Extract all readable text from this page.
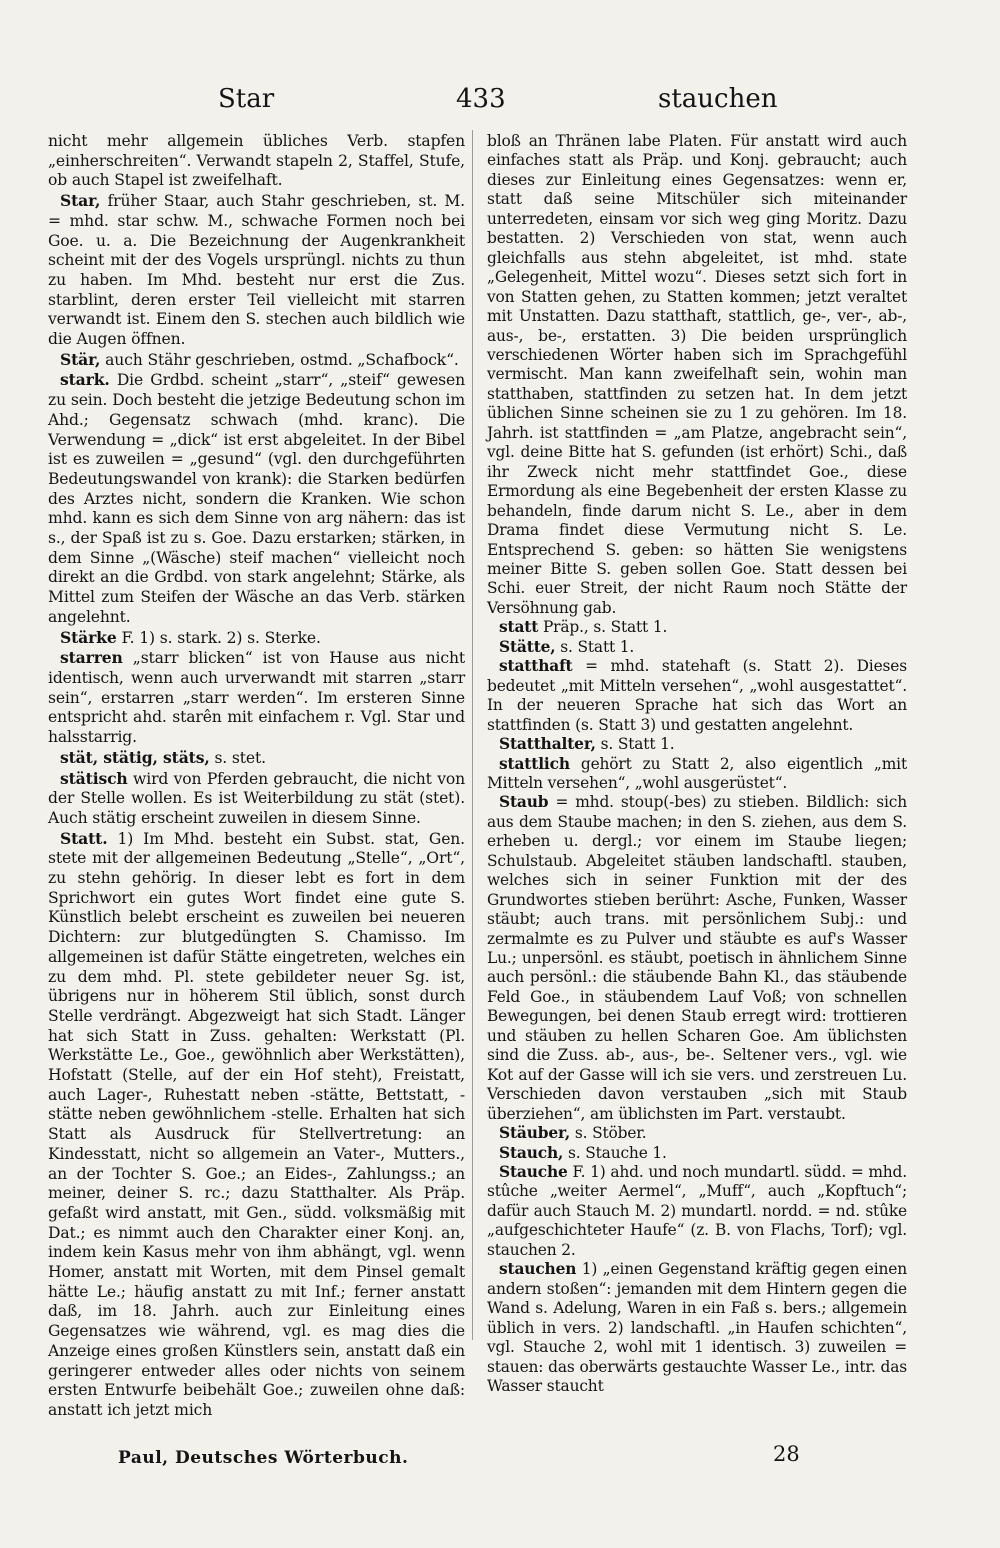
Star	433	stauchen

nicht mehr allgemein übliches Verb. stapfen „einherschreiten“. Verwandt stapeln 2, Staffel, Stufe, ob auch Stapel ist zweifelhaft.

Star, früher Staar, auch Stahr geschrieben, st. M. = mhd. star schw. M., schwache Formen noch bei Goe. u. a. Die Bezeichnung der Augenkrankheit scheint mit der des Vogels ursprüngl. nichts zu thun zu haben. Im Mhd. besteht nur erst die Zus. starblint, deren erster Teil vielleicht mit starren verwandt ist. Einem den S. stechen auch bildlich wie die Augen öffnen.

Stär, auch Stähr geschrieben, ostmd. „Schafbock“.

stark. Die Grdbd. scheint „starr“, „steif“ gewesen zu sein. Doch besteht die jetzige Bedeutung schon im Ahd.; Gegensatz schwach (mhd. kranc). Die Verwendung = „dick“ ist erst abgeleitet. In der Bibel ist es zuweilen = „gesund“ (vgl. den durchgeführten Bedeutungswandel von krank): die Starken bedürfen des Arztes nicht, sondern die Kranken. Wie schon mhd. kann es sich dem Sinne von arg nähern: das ist s., der Spaß ist zu s. Goe. Dazu erstarken; stärken, in dem Sinne „(Wäsche) steif machen“ vielleicht noch direkt an die Grdbd. von stark angelehnt; Stärke, als Mittel zum Steifen der Wäsche an das Verb. stärken angelehnt.

Stärke F. 1) s. stark. 2) s. Sterke.

starren „starr blicken“ ist von Hause aus nicht identisch, wenn auch urverwandt mit starren „starr sein“, erstarren „starr werden“. Im ersteren Sinne entspricht ahd. starên mit einfachem r. Vgl. Star und halsstarrig.

stät, stätig, stäts, s. stet.

stätisch wird von Pferden gebraucht, die nicht von der Stelle wollen. Es ist Weiterbildung zu stät (stet). Auch stätig erscheint zuweilen in diesem Sinne.

Statt. 1) Im Mhd. besteht ein Subst. stat, Gen. stete mit der allgemeinen Bedeutung „Stelle“, „Ort“, zu stehn gehörig. In dieser lebt es fort in dem Sprichwort ein gutes Wort findet eine gute S. Künstlich belebt erscheint es zuweilen bei neueren Dichtern: zur blutgedüngten S. Chamisso. Im allgemeinen ist dafür Stätte eingetreten, welches ein zu dem mhd. Pl. stete gebildeter neuer Sg. ist, übrigens nur in höherem Stil üblich, sonst durch Stelle verdrängt. Abgezweigt hat sich Stadt. Länger hat sich Statt in Zuss. gehalten: Werkstatt (Pl. Werkstätte Le., Goe., gewöhnlich aber Werkstätten), Hofstatt (Stelle, auf der ein Hof steht), Freistatt, auch Lager-, Ruhestatt neben -stätte, Bettstatt, -stätte neben gewöhnlichem -stelle. Erhalten hat sich Statt als Ausdruck für Stellvertretung: an Kindesstatt, nicht so allgemein an Vater-, Mutters., an der Tochter S. Goe.; an Eides-, Zahlungss.; an meiner, deiner S. rc.; dazu Statthalter. Als Präp. gefaßt wird anstatt, mit Gen., südd. volksmäßig mit Dat.; es nimmt auch den Charakter einer Konj. an, indem kein Kasus mehr von ihm abhängt, vgl. wenn Homer, anstatt mit Worten, mit dem Pinsel gemalt hätte Le.; häufig anstatt zu mit Inf.; ferner anstatt daß, im 18. Jahrh. auch zur Einleitung eines Gegensatzes wie während, vgl. es mag dies die Anzeige eines großen Künstlers sein, anstatt daß ein geringerer entweder alles oder nichts von seinem ersten Entwurfe beibehält Goe.; zuweilen ohne daß: anstatt ich jetzt mich

bloß an Thränen labe Platen. Für anstatt wird auch einfaches statt als Präp. und Konj. gebraucht; auch dieses zur Einleitung eines Gegensatzes: wenn er, statt daß seine Mitschüler sich miteinander unterredeten, einsam vor sich weg ging Moritz. Dazu bestatten. 2) Verschieden von stat, wenn auch gleichfalls aus stehn abgeleitet, ist mhd. state „Gelegenheit, Mittel wozu“. Dieses setzt sich fort in von Statten gehen, zu Statten kommen; jetzt veraltet mit Unstatten. Dazu statthaft, stattlich, ge-, ver-, ab-, aus-, be-, erstatten. 3) Die beiden ursprünglich verschiedenen Wörter haben sich im Sprachgefühl vermischt. Man kann zweifelhaft sein, wohin man statthaben, stattfinden zu setzen hat. In dem jetzt üblichen Sinne scheinen sie zu 1 zu gehören. Im 18. Jahrh. ist stattfinden = „am Platze, angebracht sein“, vgl. deine Bitte hat S. gefunden (ist erhört) Schi., daß ihr Zweck nicht mehr stattfindet Goe., diese Ermordung als eine Begebenheit der ersten Klasse zu behandeln, finde darum nicht S. Le., aber in dem Drama findet diese Vermutung nicht S. Le. Entsprechend S. geben: so hätten Sie wenigstens meiner Bitte S. geben sollen Goe. Statt dessen bei Schi. euer Streit, der nicht Raum noch Stätte der Versöhnung gab.

statt Präp., s. Statt 1.

Stätte, s. Statt 1.

statthaft = mhd. statehaft (s. Statt 2). Dieses bedeutet „mit Mitteln versehen“, „wohl ausgestattet“. In der neueren Sprache hat sich das Wort an stattfinden (s. Statt 3) und gestatten angelehnt.

Statthalter, s. Statt 1.

stattlich gehört zu Statt 2, also eigentlich „mit Mitteln versehen“, „wohl ausgerüstet“.

Staub = mhd. stoup(-bes) zu stieben. Bildlich: sich aus dem Staube machen; in den S. ziehen, aus dem S. erheben u. dergl.; vor einem im Staube liegen; Schulstaub. Abgeleitet stäuben landschaftl. stauben, welches sich in seiner Funktion mit der des Grundwortes stieben berührt: Asche, Funken, Wasser stäubt; auch trans. mit persönlichem Subj.: und zermalmte es zu Pulver und stäubte es auf's Wasser Lu.; unpersönl. es stäubt, poetisch in ähnlichem Sinne auch persönl.: die stäubende Bahn Kl., das stäubende Feld Goe., in stäubendem Lauf Voß; von schnellen Bewegungen, bei denen Staub erregt wird: trottieren und stäuben zu hellen Scharen Goe. Am üblichsten sind die Zuss. ab-, aus-, be-. Seltener vers., vgl. wie Kot auf der Gasse will ich sie vers. und zerstreuen Lu. Verschieden davon verstauben „sich mit Staub überziehen“, am üblichsten im Part. verstaubt.

Stäuber, s. Stöber.

Stauch, s. Stauche 1.

Stauche F. 1) ahd. und noch mundartl. südd. = mhd. stûche „weiter Aermel“, „Muff“, auch „Kopftuch“; dafür auch Stauch M. 2) mundartl. nordd. = nd. stûke „aufgeschichteter Haufe“ (z. B. von Flachs, Torf); vgl. stauchen 2.

stauchen 1) „einen Gegenstand kräftig gegen einen andern stoßen“: jemanden mit dem Hintern gegen die Wand s. Adelung, Waren in ein Faß s. bers.; allgemein üblich in vers. 2) landschaftl. „in Haufen schichten“, vgl. Stauche 2, wohl mit 1 identisch. 3) zuweilen = stauen: das oberwärts gestauchte Wasser Le., intr. das Wasser staucht

Paul, Deutsches Wörterbuch.	28
